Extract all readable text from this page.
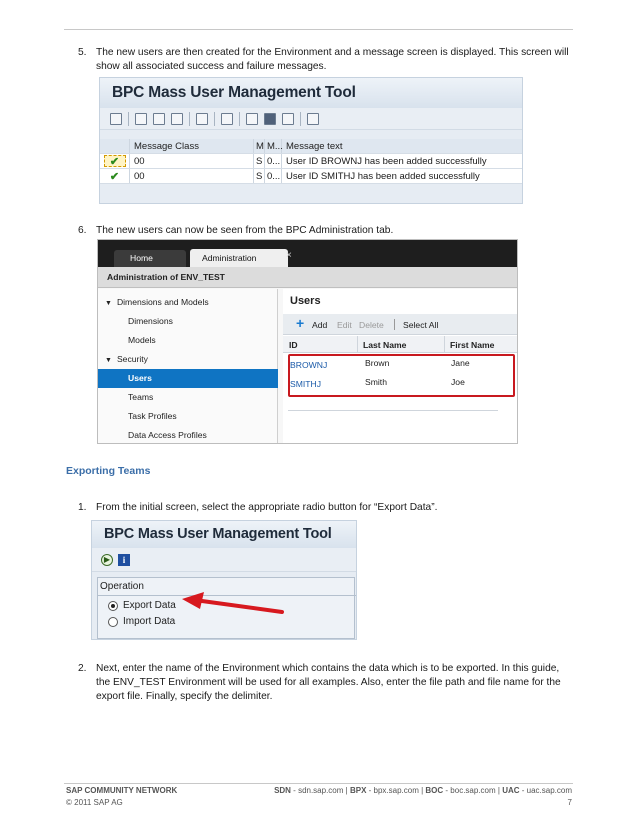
5. The new users are then created for the Environment and a message screen is displayed. This screen will show all associated success and failure messages.
BPC Mass User Management Tool
Message Class	M M... Message text
✔	00	S 0... User ID BROWNJ has been added successfully
✔	00	S 0... User ID SMITHJ has been added successfully
6. The new users can now be seen from the BPC Administration tab.
Home	Administration	×
Administration of ENV_TEST
▼ Dimensions and Models
Dimensions
Models
▼ Security
Users
Teams
Task Profiles
Data Access Profiles
Users
+ Add Edit Delete Select All
ID	Last Name	First Name
BROWNJ	Brown	Jane
SMITHJ	Smith	Joe
Exporting Teams
1. From the initial screen, select the appropriate radio button for “Export Data”.
BPC Mass User Management Tool
▶	i
Operation
Export Data
Import Data
2. Next, enter the name of the Environment which contains the data which is to be exported. In this guide, the ENV_TEST Environment will be used for all examples. Also, enter the file path and file name for the export file. Finally, specify the delimiter.
SAP COMMUNITY NETWORK
© 2011 SAP AG
SDN - sdn.sap.com | BPX - bpx.sap.com | BOC - boc.sap.com | UAC - uac.sap.com
7
